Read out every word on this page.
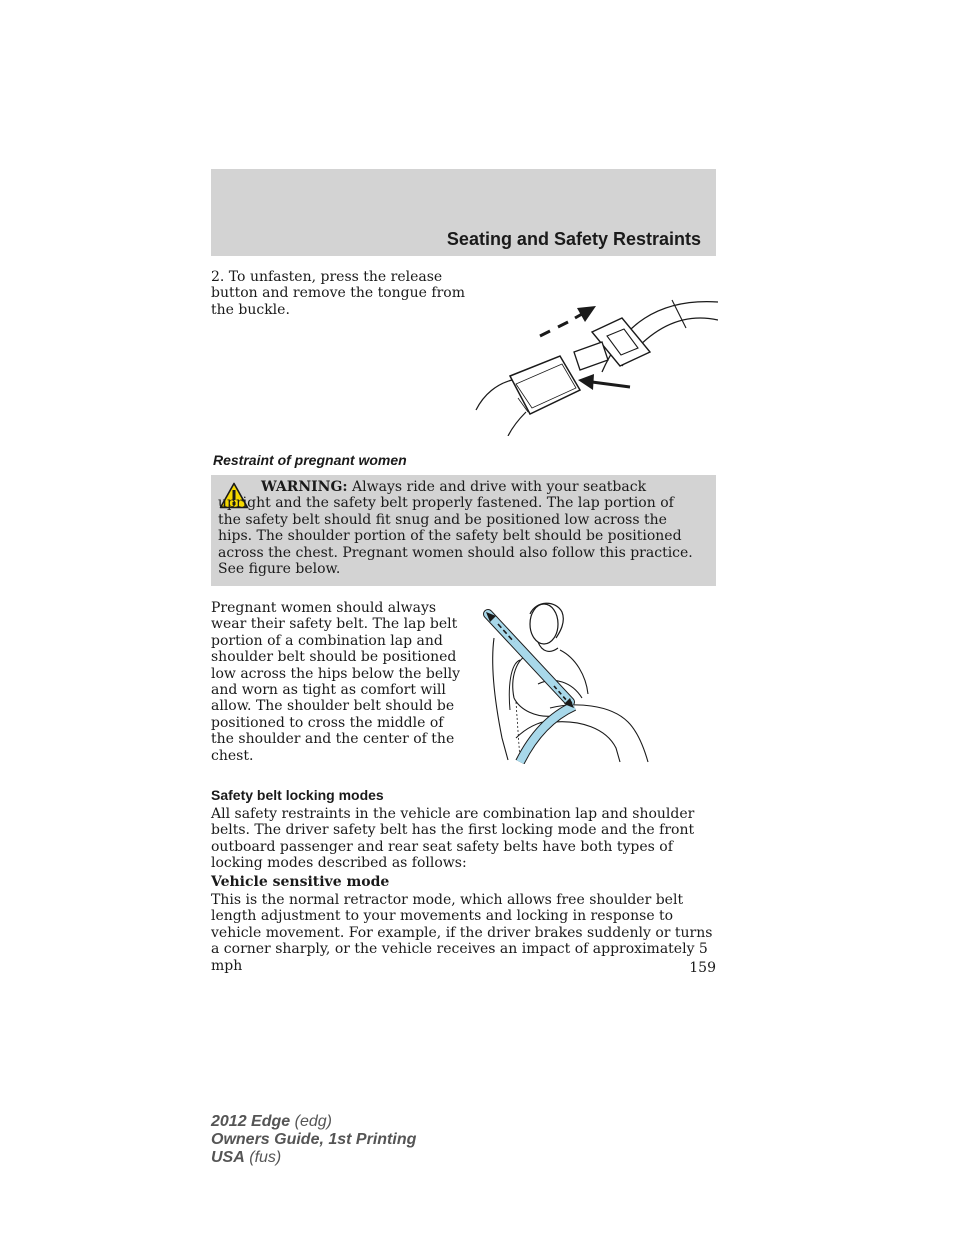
Seating and Safety Restraints

2. To unfasten, press the release button and remove the tongue from the buckle.

Restraint of pregnant women

WARNING: Always ride and drive with your seatback upright and the safety belt properly fastened. The lap portion of the safety belt should fit snug and be positioned low across the hips. The shoulder portion of the safety belt should be positioned across the chest. Pregnant women should also follow this practice. See figure below.

Pregnant women should always wear their safety belt. The lap belt portion of a combination lap and shoulder belt should be positioned low across the hips below the belly and worn as tight as comfort will allow. The shoulder belt should be positioned to cross the middle of the shoulder and the center of the chest.

Safety belt locking modes

All safety restraints in the vehicle are combination lap and shoulder belts. The driver safety belt has the first locking mode and the front outboard passenger and rear seat safety belts have both types of locking modes described as follows:

Vehicle sensitive mode

This is the normal retractor mode, which allows free shoulder belt length adjustment to your movements and locking in response to vehicle movement. For example, if the driver brakes suddenly or turns a corner sharply, or the vehicle receives an impact of approximately 5 mph	159

2012 Edge (edg)
Owners Guide, 1st Printing
USA (fus)
